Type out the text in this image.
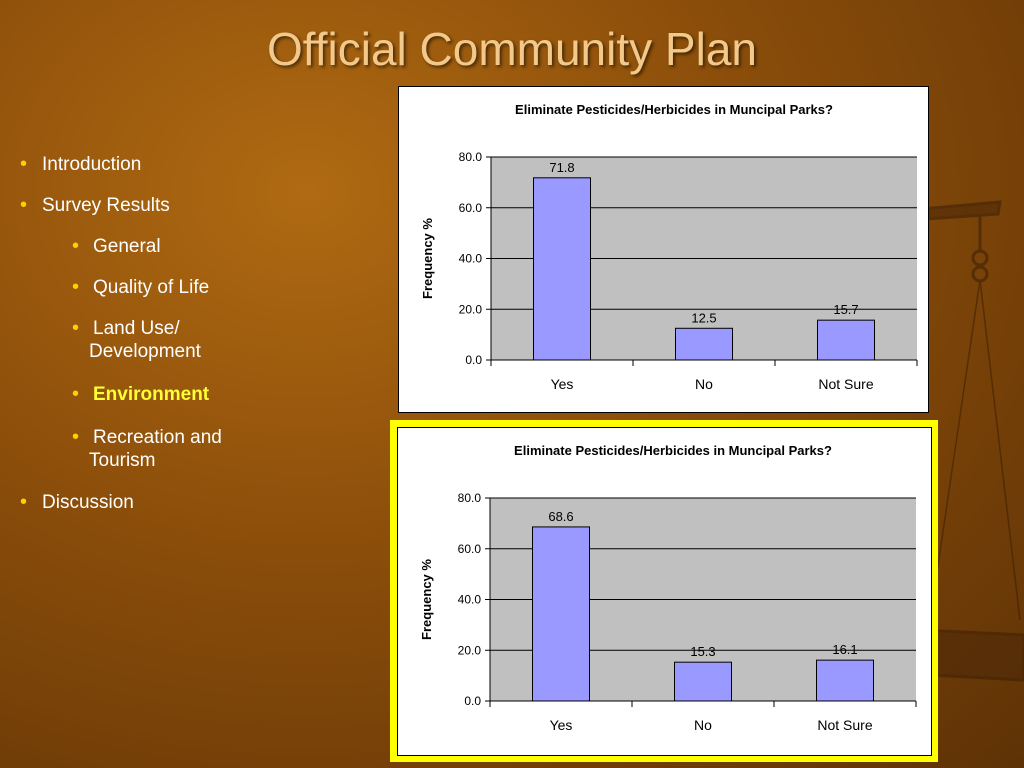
Official Community Plan
• Introduction
• Survey Results
• General
• Quality of Life
• Land Use/
Development
• Environment
• Recreation and
Tourism
• Discussion
Eliminate Pesticides/Herbicides in Muncipal Parks?
0.0
20.0
40.0
60.0
80.0
71.8
Yes
12.5
No
15.7
Not Sure
Frequency %
Eliminate Pesticides/Herbicides in Muncipal Parks?
0.0
20.0
40.0
60.0
80.0
68.6
Yes
15.3
No
16.1
Not Sure
Frequency %
